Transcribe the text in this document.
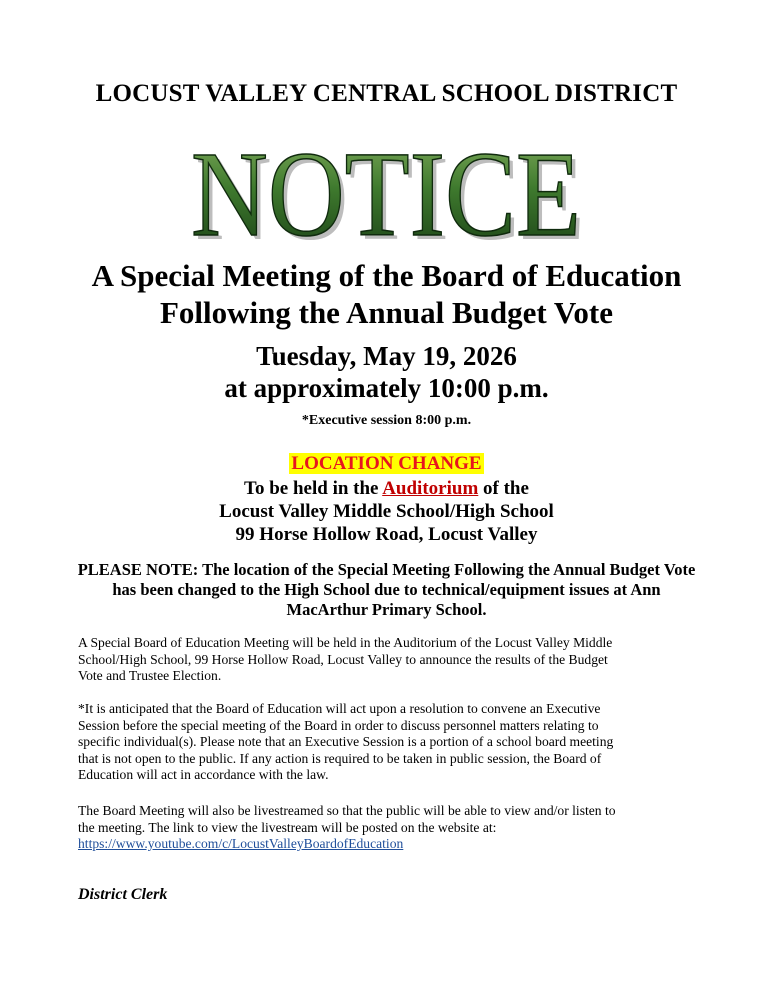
LOCUST VALLEY CENTRAL SCHOOL DISTRICT
NOTICE
NOTICE
A Special Meeting of the Board of Education
Following the Annual Budget Vote
Tuesday, May 19, 2026
at approximately 10:00 p.m.
*Executive session 8:00 p.m.
LOCATION CHANGE
To be held in the Auditorium of the
Locust Valley Middle School/High School
99 Horse Hollow Road, Locust Valley
PLEASE NOTE: The location of the Special Meeting Following the Annual Budget Vote
has been changed to the High School due to technical/equipment issues at Ann
MacArthur Primary School.
A Special Board of Education Meeting will be held in the Auditorium of the Locust Valley Middle
School/High School, 99 Horse Hollow Road, Locust Valley to announce the results of the Budget
Vote and Trustee Election.
*It is anticipated that the Board of Education will act upon a resolution to convene an Executive
Session before the special meeting of the Board in order to discuss personnel matters relating to
specific individual(s). Please note that an Executive Session is a portion of a school board meeting
that is not open to the public. If any action is required to be taken in public session, the Board of
Education will act in accordance with the law.
The Board Meeting will also be livestreamed so that the public will be able to view and/or listen to
the meeting. The link to view the livestream will be posted on the website at:
https://www.youtube.com/c/LocustValleyBoardofEducation
District Clerk
